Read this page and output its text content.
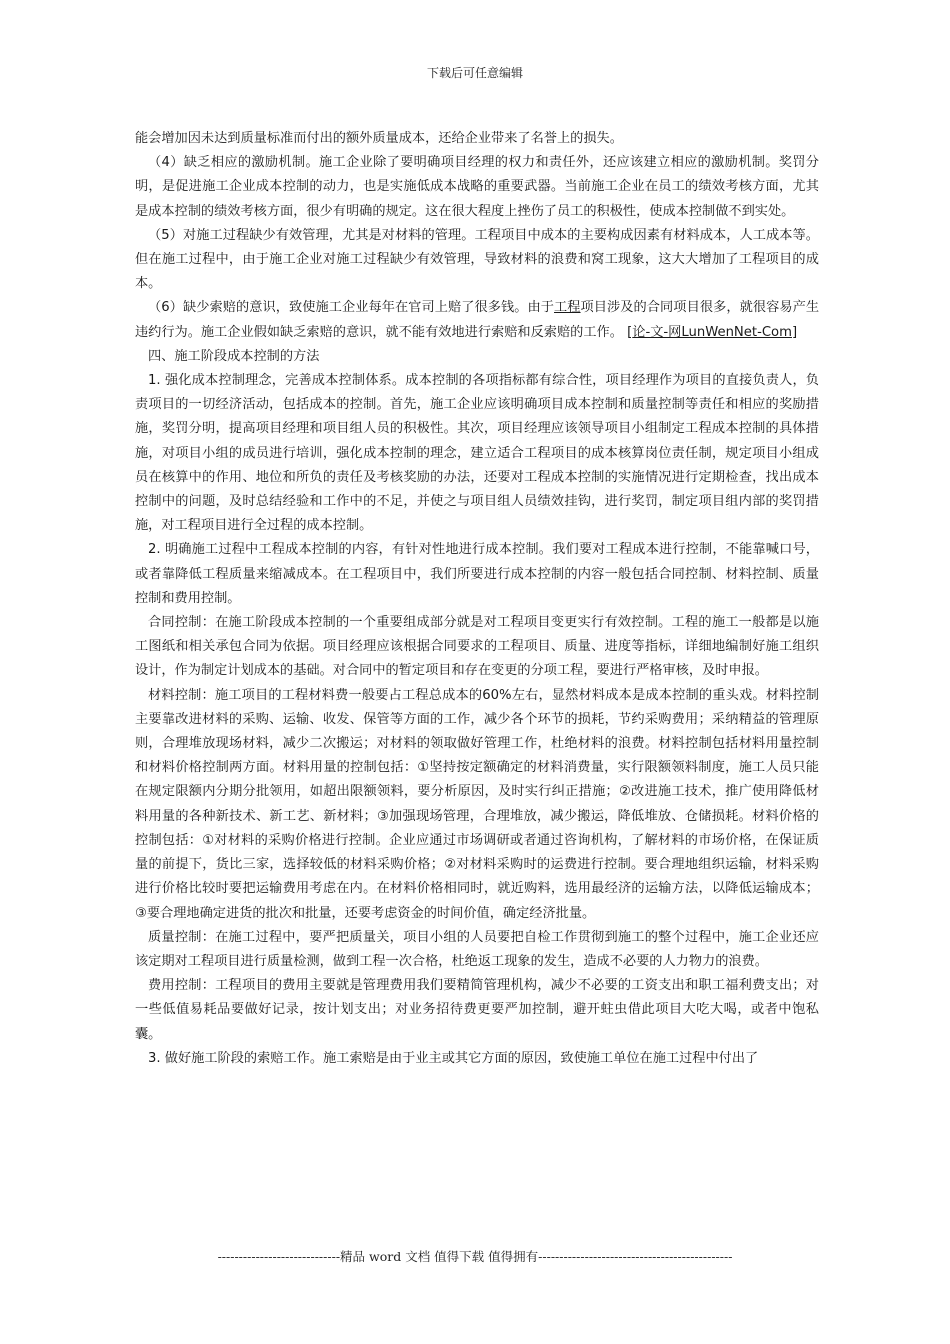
下载后可任意编辑

能会增加因未达到质量标准而付出的额外质量成本，还给企业带来了名誉上的损失。

（4）缺乏相应的激励机制。施工企业除了要明确项目经理的权力和责任外，还应该建立相应的激励机制。奖罚分明，是促进施工企业成本控制的动力，也是实施低成本战略的重要武器。当前施工企业在员工的绩效考核方面，尤其是成本控制的绩效考核方面，很少有明确的规定。这在很大程度上挫伤了员工的积极性，使成本控制做不到实处。

（5）对施工过程缺少有效管理，尤其是对材料的管理。工程项目中成本的主要构成因素有材料成本，人工成本等。但在施工过程中，由于施工企业对施工过程缺少有效管理，导致材料的浪费和窝工现象，这大大增加了工程项目的成本。

（6）缺少索赔的意识，致使施工企业每年在官司上赔了很多钱。由于工程项目涉及的合同项目很多，就很容易产生违约行为。施工企业假如缺乏索赔的意识，就不能有效地进行索赔和反索赔的工作。 [论-文-网LunWenNet-Com]

四、施工阶段成本控制的方法

1. 强化成本控制理念，完善成本控制体系。成本控制的各项指标都有综合性，项目经理作为项目的直接负责人，负责项目的一切经济活动，包括成本的控制。首先，施工企业应该明确项目成本控制和质量控制等责任和相应的奖励措施，奖罚分明，提高项目经理和项目组人员的积极性。其次，项目经理应该领导项目小组制定工程成本控制的具体措施，对项目小组的成员进行培训，强化成本控制的理念，建立适合工程项目的成本核算岗位责任制，规定项目小组成员在核算中的作用、地位和所负的责任及考核奖励的办法，还要对工程成本控制的实施情况进行定期检查，找出成本控制中的问题，及时总结经验和工作中的不足，并使之与项目组人员绩效挂钩，进行奖罚，制定项目组内部的奖罚措施，对工程项目进行全过程的成本控制。

2. 明确施工过程中工程成本控制的内容，有针对性地进行成本控制。我们要对工程成本进行控制，不能靠喊口号，或者靠降低工程质量来缩减成本。在工程项目中，我们所要进行成本控制的内容一般包括合同控制、材料控制、质量控制和费用控制。

合同控制：在施工阶段成本控制的一个重要组成部分就是对工程项目变更实行有效控制。工程的施工一般都是以施工图纸和相关承包合同为依据。项目经理应该根据合同要求的工程项目、质量、进度等指标，详细地编制好施工组织设计，作为制定计划成本的基础。对合同中的暂定项目和存在变更的分项工程，要进行严格审核，及时申报。

材料控制：施工项目的工程材料费一般要占工程总成本的60%左右，显然材料成本是成本控制的重头戏。材料控制主要靠改进材料的采购、运输、收发、保管等方面的工作，减少各个环节的损耗，节约采购费用；采纳精益的管理原则，合理堆放现场材料，减少二次搬运；对材料的领取做好管理工作，杜绝材料的浪费。材料控制包括材料用量控制和材料价格控制两方面。材料用量的控制包括：①坚持按定额确定的材料消费量，实行限额领料制度，施工人员只能在规定限额内分期分批领用，如超出限额领料，要分析原因，及时实行纠正措施；②改进施工技术，推广使用降低材料用量的各种新技术、新工艺、新材料；③加强现场管理，合理堆放，减少搬运，降低堆放、仓储损耗。材料价格的控制包括：①对材料的采购价格进行控制。企业应通过市场调研或者通过咨询机构，了解材料的市场价格，在保证质量的前提下，货比三家，选择较低的材料采购价格；②对材料采购时的运费进行控制。要合理地组织运输，材料采购进行价格比较时要把运输费用考虑在内。在材料价格相同时，就近购料，选用最经济的运输方法，以降低运输成本；③要合理地确定进货的批次和批量，还要考虑资金的时间价值，确定经济批量。

质量控制：在施工过程中，要严把质量关，项目小组的人员要把自检工作贯彻到施工的整个过程中，施工企业还应该定期对工程项目进行质量检测，做到工程一次合格，杜绝返工现象的发生，造成不必要的人力物力的浪费。

费用控制：工程项目的费用主要就是管理费用我们要精简管理机构，减少不必要的工资支出和职工福利费支出；对一些低值易耗品要做好记录，按计划支出；对业务招待费更要严加控制，避开蛀虫借此项目大吃大喝，或者中饱私囊。

3. 做好施工阶段的索赔工作。施工索赔是由于业主或其它方面的原因，致使施工单位在施工过程中付出了

-----------------------------精品 word 文档 值得下载 值得拥有----------------------------------------------
